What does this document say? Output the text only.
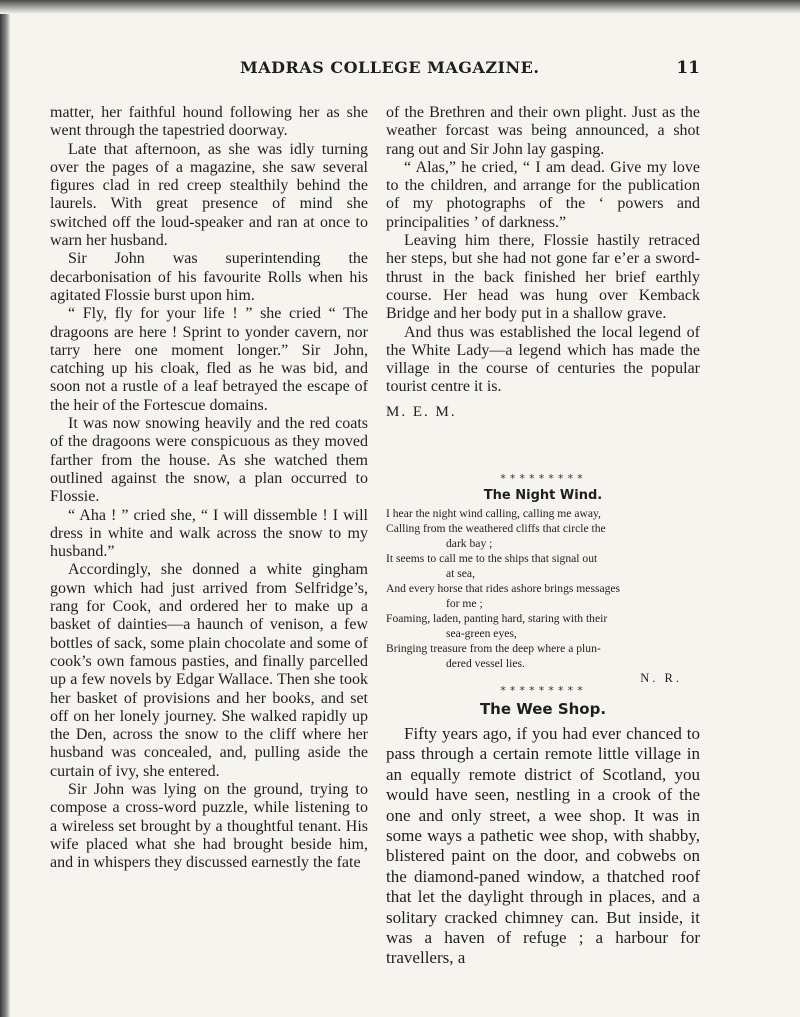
MADRAS COLLEGE MAGAZINE.	11

matter, her faithful hound following her as she went through the tapestried doorway.

Late that afternoon, as she was idly turning over the pages of a magazine, she saw several figures clad in red creep stealthily behind the laurels. With great presence of mind she switched off the loud-speaker and ran at once to warn her husband.

Sir John was superintending the decarbonisation of his favourite Rolls when his agitated Flossie burst upon him.

“ Fly, fly for your life ! ” she cried “ The dragoons are here ! Sprint to yonder cavern, nor tarry here one moment longer.” Sir John, catching up his cloak, fled as he was bid, and soon not a rustle of a leaf betrayed the escape of the heir of the Fortescue domains.

It was now snowing heavily and the red coats of the dragoons were conspicuous as they moved farther from the house. As she watched them outlined against the snow, a plan occurred to Flossie.

“ Aha ! ” cried she, “ I will dissemble ! I will dress in white and walk across the snow to my husband.”

Accordingly, she donned a white gingham gown which had just arrived from Selfridge’s, rang for Cook, and ordered her to make up a basket of dainties—a haunch of venison, a few bottles of sack, some plain chocolate and some of cook’s own famous pasties, and finally parcelled up a few novels by Edgar Wallace. Then she took her basket of provisions and her books, and set off on her lonely journey. She walked rapidly up the Den, across the snow to the cliff where her husband was concealed, and, pulling aside the curtain of ivy, she entered.

Sir John was lying on the ground, trying to compose a cross-word puzzle, while listening to a wireless set brought by a thoughtful tenant. His wife placed what she had brought beside him, and in whispers they discussed earnestly the fate

of the Brethren and their own plight. Just as the weather forcast was being announced, a shot rang out and Sir John lay gasping.

“ Alas,” he cried, “ I am dead. Give my love to the children, and arrange for the publication of my photographs of the ‘ powers and principalities ’ of darkness.”

Leaving him there, Flossie hastily retraced her steps, but she had not gone far e’er a sword-thrust in the back finished her brief earthly course. Her head was hung over Kemback Bridge and her body put in a shallow grave.

And thus was established the local legend of the White Lady—a legend which has made the village in the course of centuries the popular tourist centre it is.

M. E. M.
*********
The Night Wind.
I hear the night wind calling, calling me away,
Calling from the weathered cliffs that circle the
dark bay ;
It seems to call me to the ships that signal out
at sea,
And every horse that rides ashore brings messages
for me ;
Foaming, laden, panting hard, staring with their
sea-green eyes,
Bringing treasure from the deep where a plun-
dered vessel lies.
N. R.
*********
The Wee Shop.

Fifty years ago, if you had ever chanced to pass through a certain remote little village in an equally remote district of Scotland, you would have seen, nestling in a crook of the one and only street, a wee shop. It was in some ways a pathetic wee shop, with shabby, blistered paint on the door, and cobwebs on the diamond-paned window, a thatched roof that let the daylight through in places, and a solitary cracked chimney can. But inside, it was a haven of refuge ; a harbour for travellers, a
